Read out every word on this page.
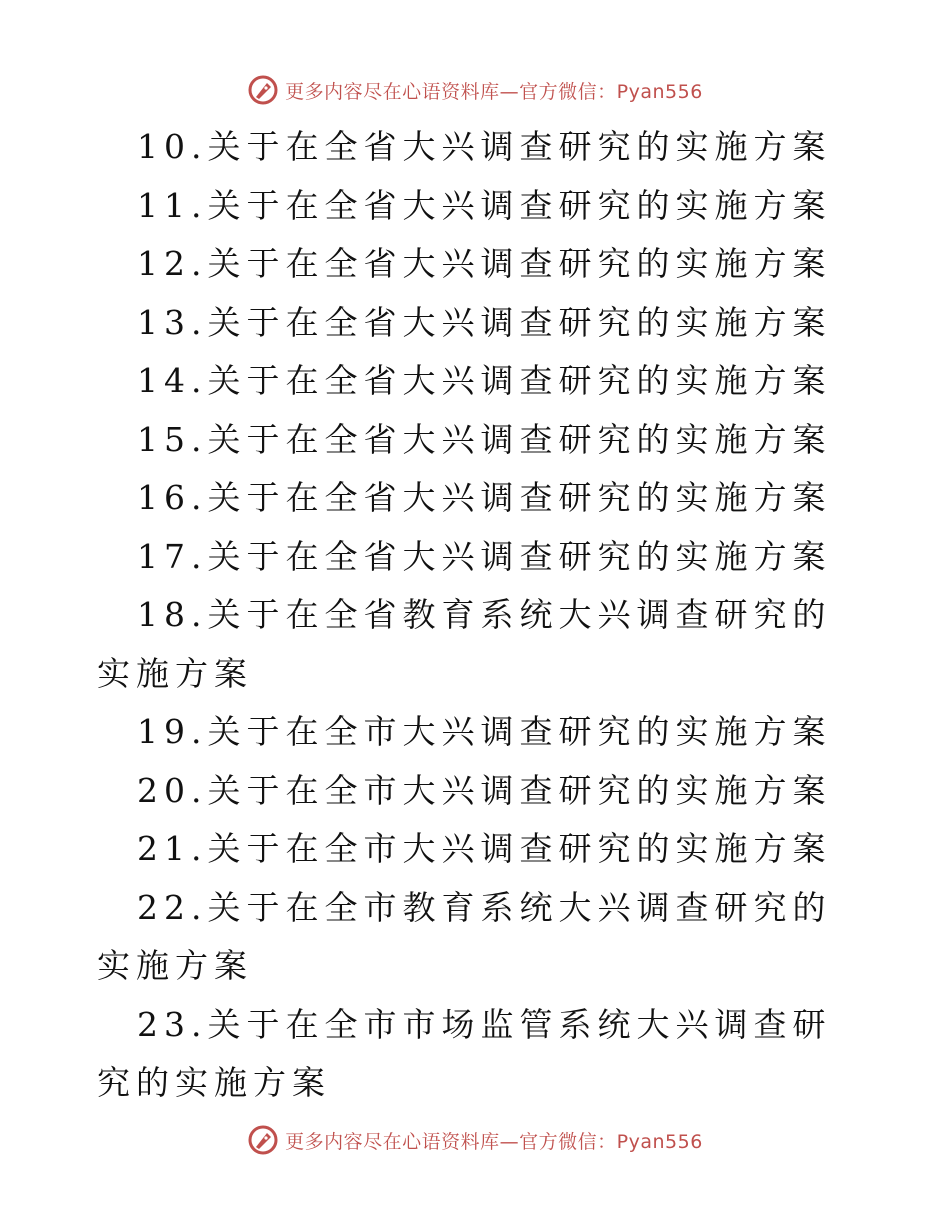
更多内容尽在心语资料库—官方微信：Pyan556

10.关于在全省大兴调查研究的实施方案

11.关于在全省大兴调查研究的实施方案

12.关于在全省大兴调查研究的实施方案

13.关于在全省大兴调查研究的实施方案

14.关于在全省大兴调查研究的实施方案

15.关于在全省大兴调查研究的实施方案

16.关于在全省大兴调查研究的实施方案

17.关于在全省大兴调查研究的实施方案

18.关于在全省教育系统大兴调查研究的实施方案

19.关于在全市大兴调查研究的实施方案

20.关于在全市大兴调查研究的实施方案

21.关于在全市大兴调查研究的实施方案

22.关于在全市教育系统大兴调查研究的实施方案

23.关于在全市市场监管系统大兴调查研究的实施方案

更多内容尽在心语资料库—官方微信：Pyan556
